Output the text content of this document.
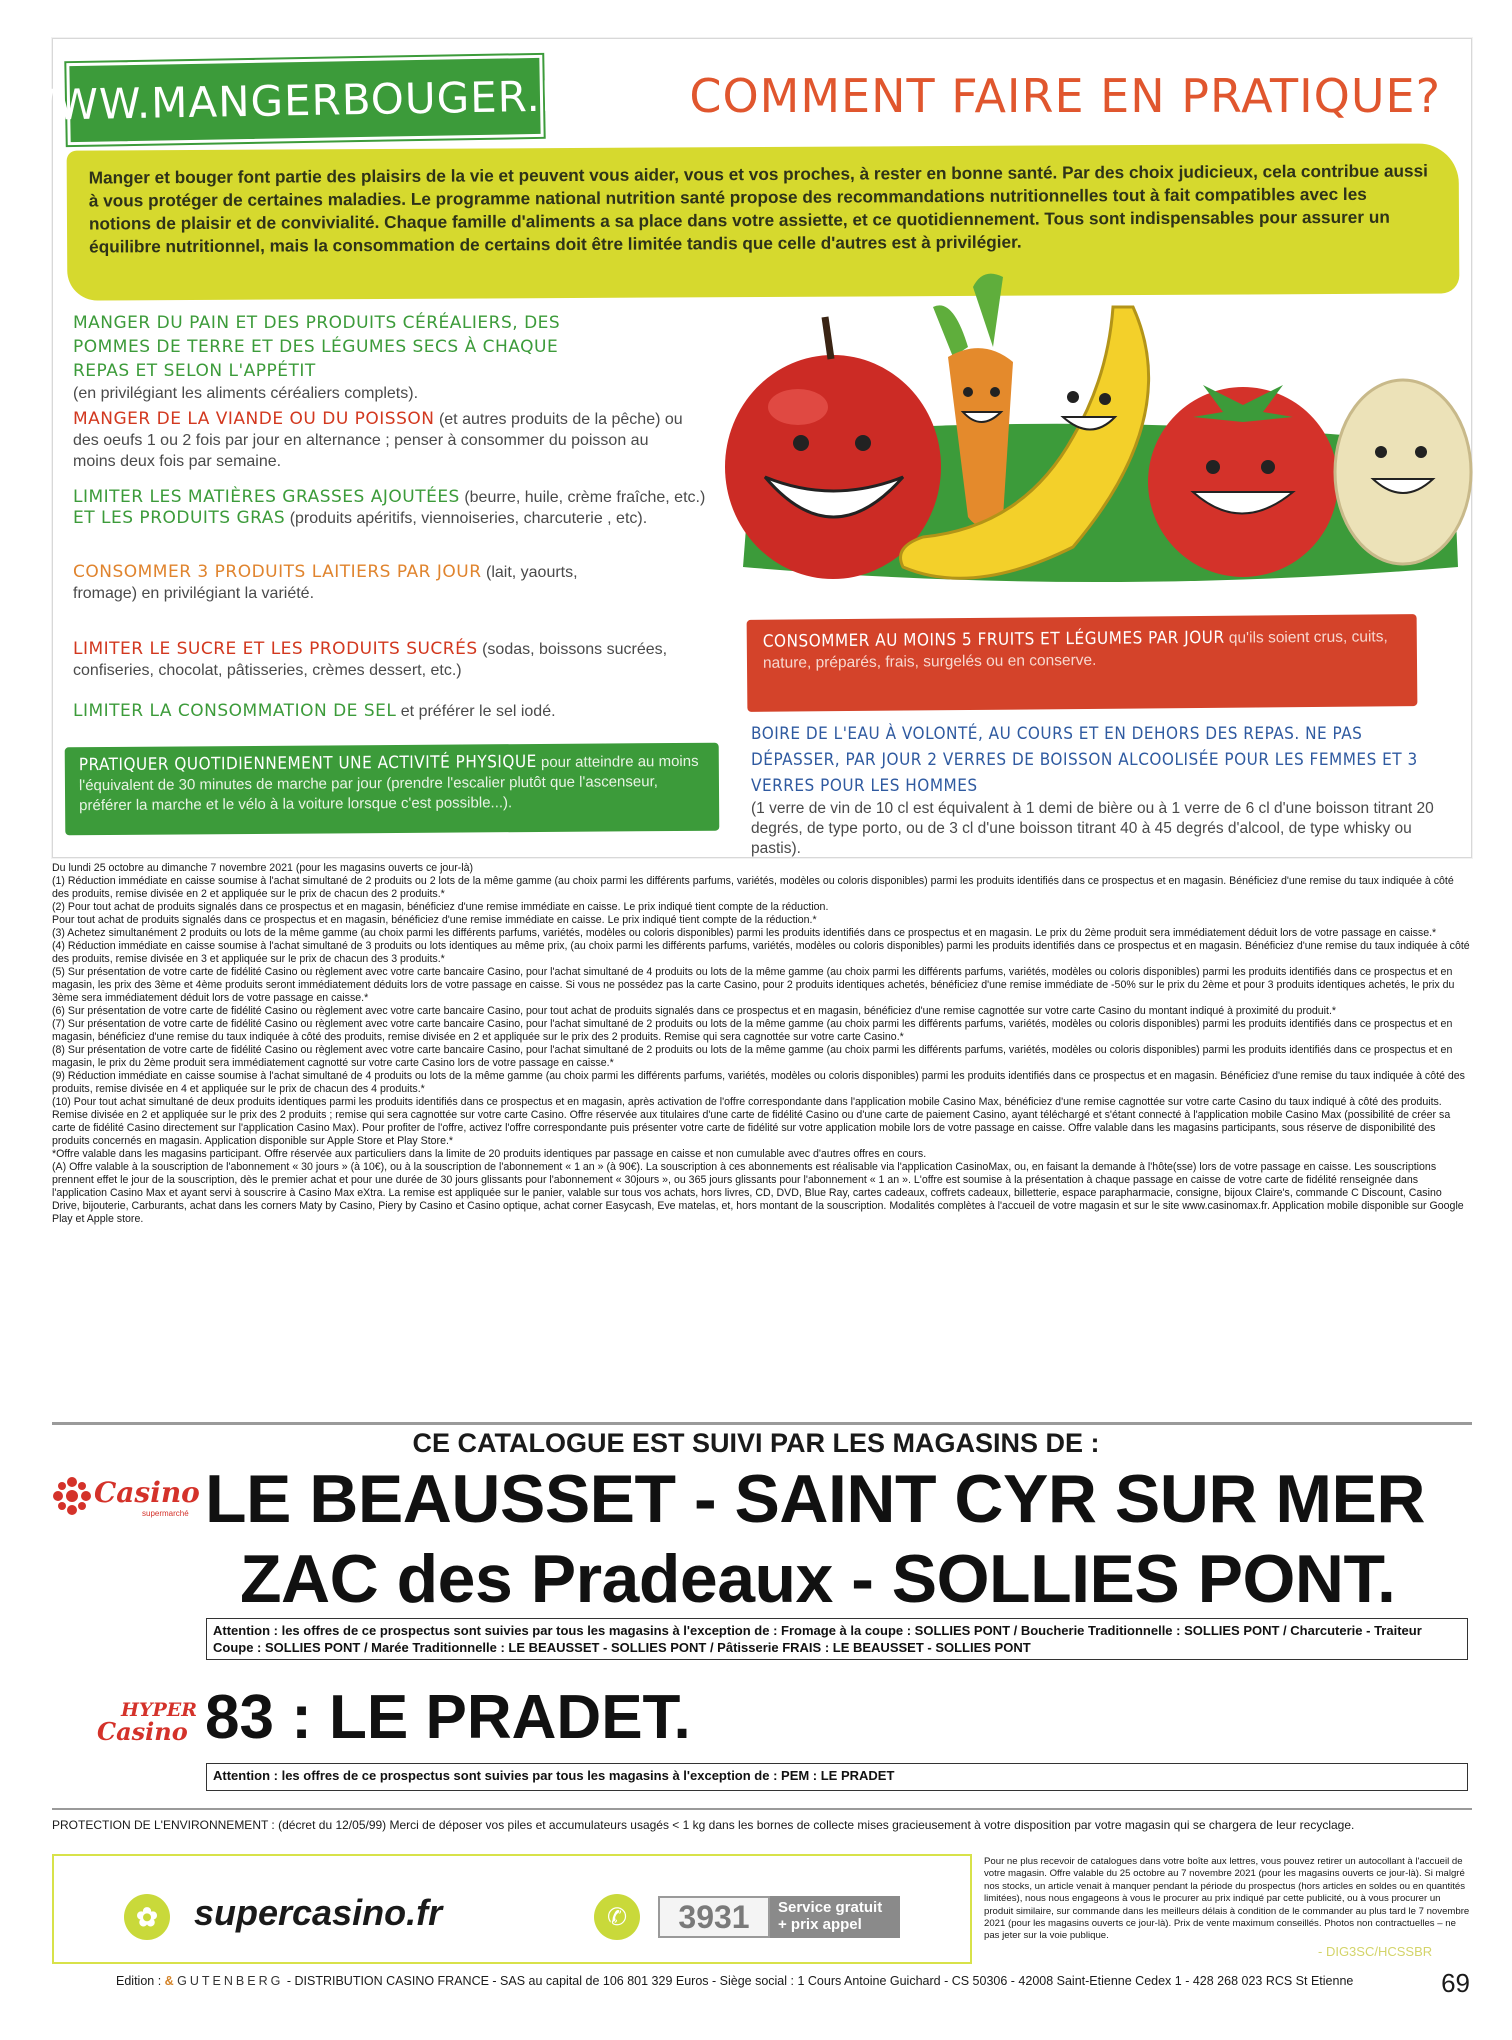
WWW.MANGERBOUGER.FR COMMENT FAIRE EN PRATIQUE?

Manger et bouger font partie des plaisirs de la vie et peuvent vous aider, vous et vos proches, à rester en bonne santé. Par des choix judicieux, cela contribue aussi à vous protéger de certaines maladies. Le programme national nutrition santé propose des recommandations nutritionnelles tout à fait compatibles avec les notions de plaisir et de convivialité. Chaque famille d'aliments a sa place dans votre assiette, et ce quotidiennement. Tous sont indispensables pour assurer un équilibre nutritionnel, mais la consommation de certains doit être limitée tandis que celle d'autres est à privilégier.

MANGER DU PAIN ET DES PRODUITS CÉRÉALIERS, DES POMMES DE TERRE ET DES LÉGUMES SECS À CHAQUE REPAS ET SELON L'APPÉTIT
(en privilégiant les aliments céréaliers complets).
MANGER DE LA VIANDE OU DU POISSON (et autres produits de la pêche) ou des oeufs 1 ou 2 fois par jour en alternance ; penser à consommer du poisson au moins deux fois par semaine.
LIMITER LES MATIÈRES GRASSES AJOUTÉES (beurre, huile, crème fraîche, etc.)
ET LES PRODUITS GRAS (produits apéritifs, viennoiseries, charcuterie , etc).
CONSOMMER 3 PRODUITS LAITIERS PAR JOUR (lait, yaourts, fromage) en privilégiant la variété.
LIMITER LE SUCRE ET LES PRODUITS SUCRÉS (sodas, boissons sucrées, confiseries, chocolat, pâtisseries, crèmes dessert, etc.)
LIMITER LA CONSOMMATION DE SEL et préférer le sel iodé.
PRATIQUER QUOTIDIENNEMENT UNE ACTIVITÉ PHYSIQUE pour atteindre au moins l'équivalent de 30 minutes de marche par jour (prendre l'escalier plutôt que l'ascenseur, préférer la marche et le vélo à la voiture lorsque c'est possible...).
CONSOMMER AU MOINS 5 FRUITS ET LÉGUMES PAR JOUR qu'ils soient crus, cuits, nature, préparés, frais, surgelés ou en conserve.
BOIRE DE L'EAU À VOLONTÉ, AU COURS ET EN DEHORS DES REPAS. NE PAS DÉPASSER, PAR JOUR 2 VERRES DE BOISSON ALCOOLISÉE POUR LES FEMMES ET 3 VERRES POUR LES HOMMES
(1 verre de vin de 10 cl est équivalent à 1 demi de bière ou à 1 verre de 6 cl d'une boisson titrant 20 degrés, de type porto, ou de 3 cl d'une boisson titrant 40 à 45 degrés d'alcool, de type whisky ou pastis).

Du lundi 25 octobre au dimanche 7 novembre 2021 (pour les magasins ouverts ce jour-là)

(1) Réduction immédiate en caisse soumise à l'achat simultané de 2 produits ou 2 lots de la même gamme (au choix parmi les différents parfums, variétés, modèles ou coloris disponibles) parmi les produits identifiés dans ce prospectus et en magasin. Bénéficiez d'une remise du taux indiquée à côté des produits, remise divisée en 2 et appliquée sur le prix de chacun des 2 produits.*

(2) Pour tout achat de produits signalés dans ce prospectus et en magasin, bénéficiez d'une remise immédiate en caisse. Le prix indiqué tient compte de la réduction.

Pour tout achat de produits signalés dans ce prospectus et en magasin, bénéficiez d'une remise immédiate en caisse. Le prix indiqué tient compte de la réduction.*

(3) Achetez simultanément 2 produits ou lots de la même gamme (au choix parmi les différents parfums, variétés, modèles ou coloris disponibles) parmi les produits identifiés dans ce prospectus et en magasin. Le prix du 2ème produit sera immédiatement déduit lors de votre passage en caisse.*

(4) Réduction immédiate en caisse soumise à l'achat simultané de 3 produits ou lots identiques au même prix, (au choix parmi les différents parfums, variétés, modèles ou coloris disponibles) parmi les produits identifiés dans ce prospectus et en magasin. Bénéficiez d'une remise du taux indiquée à côté des produits, remise divisée en 3 et appliquée sur le prix de chacun des 3 produits.*

(5) Sur présentation de votre carte de fidélité Casino ou règlement avec votre carte bancaire Casino, pour l'achat simultané de 4 produits ou lots de la même gamme (au choix parmi les différents parfums, variétés, modèles ou coloris disponibles) parmi les produits identifiés dans ce prospectus et en magasin, les prix des 3ème et 4ème produits seront immédiatement déduits lors de votre passage en caisse. Si vous ne possédez pas la carte Casino, pour 2 produits identiques achetés, bénéficiez d'une remise immédiate de -50% sur le prix du 2ème et pour 3 produits identiques achetés, le prix du 3ème sera immédiatement déduit lors de votre passage en caisse.*

(6) Sur présentation de votre carte de fidélité Casino ou règlement avec votre carte bancaire Casino, pour tout achat de produits signalés dans ce prospectus et en magasin, bénéficiez d'une remise cagnottée sur votre carte Casino du montant indiqué à proximité du produit.*

(7) Sur présentation de votre carte de fidélité Casino ou règlement avec votre carte bancaire Casino, pour l'achat simultané de 2 produits ou lots de la même gamme (au choix parmi les différents parfums, variétés, modèles ou coloris disponibles) parmi les produits identifiés dans ce prospectus et en magasin, bénéficiez d'une remise du taux indiquée à côté des produits, remise divisée en 2 et appliquée sur le prix des 2 produits. Remise qui sera cagnottée sur votre carte Casino.*

(8) Sur présentation de votre carte de fidélité Casino ou règlement avec votre carte bancaire Casino, pour l'achat simultané de 2 produits ou lots de la même gamme (au choix parmi les différents parfums, variétés, modèles ou coloris disponibles) parmi les produits identifiés dans ce prospectus et en magasin, le prix du 2ème produit sera immédiatement cagnotté sur votre carte Casino lors de votre passage en caisse.*

(9) Réduction immédiate en caisse soumise à l'achat simultané de 4 produits ou lots de la même gamme (au choix parmi les différents parfums, variétés, modèles ou coloris disponibles) parmi les produits identifiés dans ce prospectus et en magasin. Bénéficiez d'une remise du taux indiquée à côté des produits, remise divisée en 4 et appliquée sur le prix de chacun des 4 produits.*

(10) Pour tout achat simultané de deux produits identiques parmi les produits identifiés dans ce prospectus et en magasin, après activation de l'offre correspondante dans l'application mobile Casino Max, bénéficiez d'une remise cagnottée sur votre carte Casino du taux indiqué à côté des produits. Remise divisée en 2 et appliquée sur le prix des 2 produits ; remise qui sera cagnottée sur votre carte Casino. Offre réservée aux titulaires d'une carte de fidélité Casino ou d'une carte de paiement Casino, ayant téléchargé et s'étant connecté à l'application mobile Casino Max (possibilité de créer sa carte de fidélité Casino directement sur l'application Casino Max). Pour profiter de l'offre, activez l'offre correspondante puis présenter votre carte de fidélité sur votre application mobile lors de votre passage en caisse. Offre valable dans les magasins participants, sous réserve de disponibilité des produits concernés en magasin. Application disponible sur Apple Store et Play Store.*

*Offre valable dans les magasins participant. Offre réservée aux particuliers dans la limite de 20 produits identiques par passage en caisse et non cumulable avec d'autres offres en cours.

(A) Offre valable à la souscription de l'abonnement « 30 jours » (à 10€), ou à la souscription de l'abonnement « 1 an » (à 90€). La souscription à ces abonnements est réalisable via l'application CasinoMax, ou, en faisant la demande à l'hôte(sse) lors de votre passage en caisse. Les souscriptions prennent effet le jour de la souscription, dès le premier achat et pour une durée de 30 jours glissants pour l'abonnement « 30jours », ou 365 jours glissants pour l'abonnement « 1 an ». L'offre est soumise à la présentation à chaque passage en caisse de votre carte de fidélité renseignée dans l'application Casino Max et ayant servi à souscrire à Casino Max eXtra. La remise est appliquée sur le panier, valable sur tous vos achats, hors livres, CD, DVD, Blue Ray, cartes cadeaux, coffrets cadeaux, billetterie, espace parapharmacie, consigne, bijoux Claire's, commande C Discount, Casino Drive, bijouterie, Carburants, achat dans les corners Maty by Casino, Piery by Casino et Casino optique, achat corner Easycash, Eve matelas, et, hors montant de la souscription. Modalités complètes à l'accueil de votre magasin et sur le site www.casinomax.fr. Application mobile disponible sur Google Play et Apple store.

CE CATALOGUE EST SUIVI PAR LES MAGASINS DE :
Casino
supermarché LE BEAUSSET - SAINT CYR SUR MER
ZAC des Pradeaux - SOLLIES PONT.
Attention : les offres de ce prospectus sont suivies par tous les magasins à l'exception de : Fromage à la coupe : SOLLIES PONT / Boucherie Traditionnelle : SOLLIES PONT / Charcuterie - Traiteur Coupe : SOLLIES PONT / Marée Traditionnelle : LE BEAUSSET - SOLLIES PONT / Pâtisserie FRAIS : LE BEAUSSET - SOLLIES PONT
HYPER
Casino 83 : LE PRADET.
Attention : les offres de ce prospectus sont suivies par tous les magasins à l'exception de : PEM : LE PRADET
PROTECTION DE L'ENVIRONNEMENT : (décret du 12/05/99) Merci de déposer vos piles et accumulateurs usagés < 1 kg dans les bornes de collecte mises gracieusement à votre disposition par votre magasin qui se chargera de leur recyclage.
✿	supercasino.fr	✆	3931	Service gratuit
+ prix appel
Pour ne plus recevoir de catalogues dans votre boîte aux lettres, vous pouvez retirer un autocollant à l'accueil de votre magasin. Offre valable du 25 octobre au 7 novembre 2021 (pour les magasins ouverts ce jour-là). Si malgré nos stocks, un article venait à manquer pendant la période du prospectus (hors articles en soldes ou en quantités limitées), nous nous engageons à vous le procurer au prix indiqué par cette publicité, ou à vous procurer un produit similaire, sur commande dans les meilleurs délais à condition de le commander au plus tard le 7 novembre 2021 (pour les magasins ouverts ce jour-là). Prix de vente maximum conseillés. Photos non contractuelles – ne pas jeter sur la voie publique.
- DIG3SC/HCSSBR
Edition : & GUTENBERG - DISTRIBUTION CASINO FRANCE - SAS au capital de 106 801 329 Euros - Siège social : 1 Cours Antoine Guichard - CS 50306 - 42008 Saint-Etienne Cedex 1 - 428 268 023 RCS St Etienne	69
